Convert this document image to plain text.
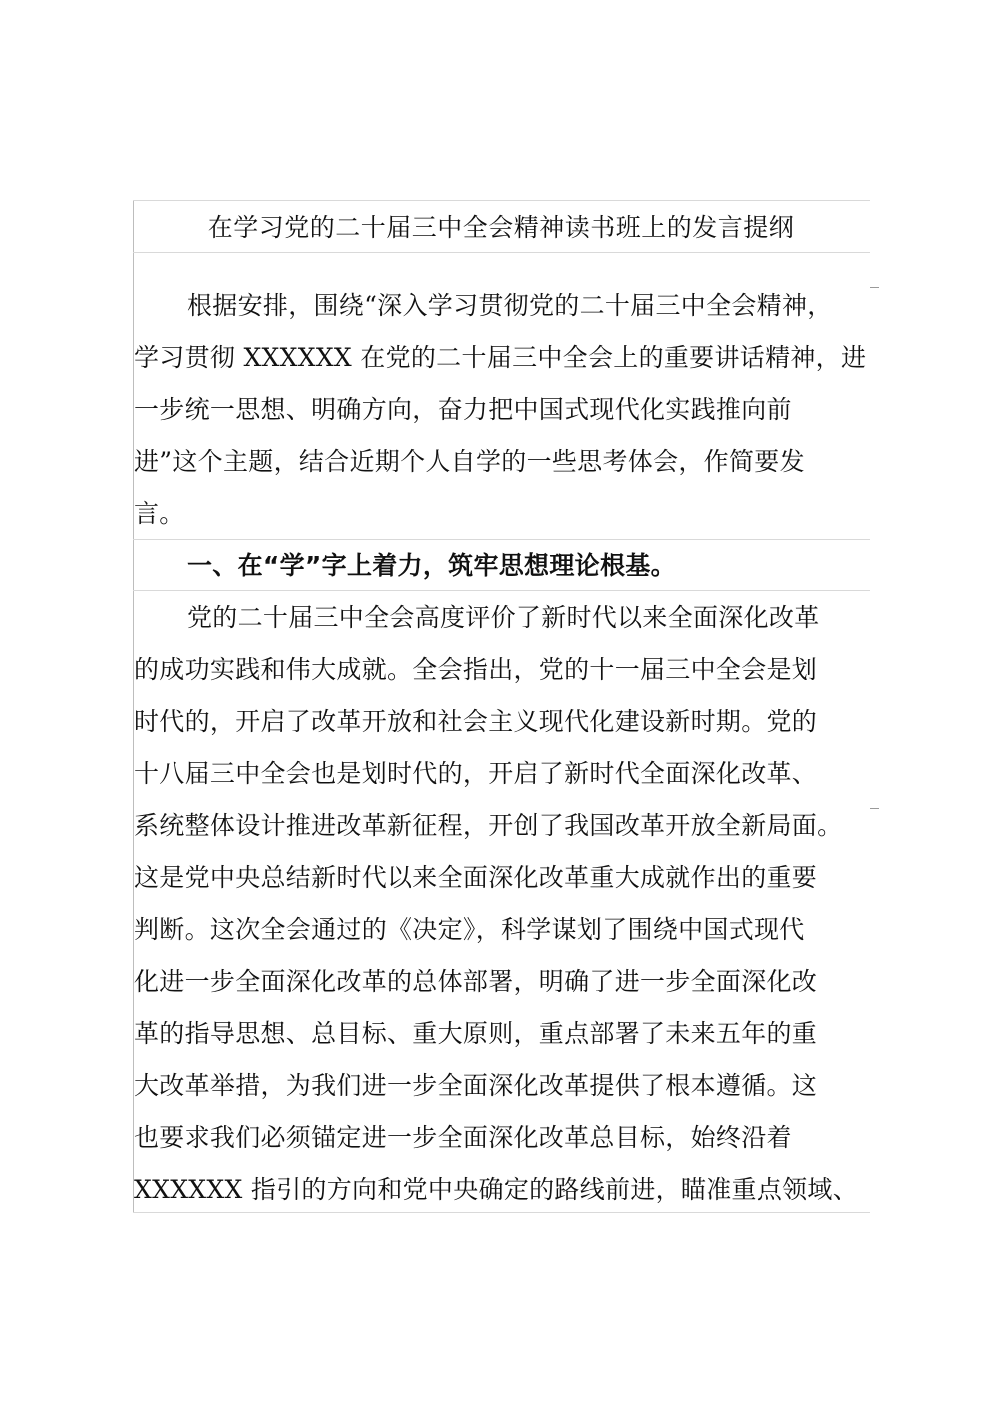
在学习党的二十届三中全会精神读书班上的发言提纲
根据安排，围绕“深入学习贯彻党的二十届三中全会精神，
学习贯彻 XXXXXX 在党的二十届三中全会上的重要讲话精神，进
一步统一思想、明确方向，奋力把中国式现代化实践推向前
进”这个主题，结合近期个人自学的一些思考体会，作简要发
言。
一、在“学”字上着力，筑牢思想理论根基。
党的二十届三中全会高度评价了新时代以来全面深化改革
的成功实践和伟大成就。全会指出，党的十一届三中全会是划
时代的，开启了改革开放和社会主义现代化建设新时期。党的
十八届三中全会也是划时代的，开启了新时代全面深化改革、
系统整体设计推进改革新征程，开创了我国改革开放全新局面。
这是党中央总结新时代以来全面深化改革重大成就作出的重要
判断。这次全会通过的《决定》，科学谋划了围绕中国式现代
化进一步全面深化改革的总体部署，明确了进一步全面深化改
革的指导思想、总目标、重大原则，重点部署了未来五年的重
大改革举措，为我们进一步全面深化改革提供了根本遵循。这
也要求我们必须锚定进一步全面深化改革总目标，始终沿着
XXXXXX 指引的方向和党中央确定的路线前进，瞄准重点领域、
